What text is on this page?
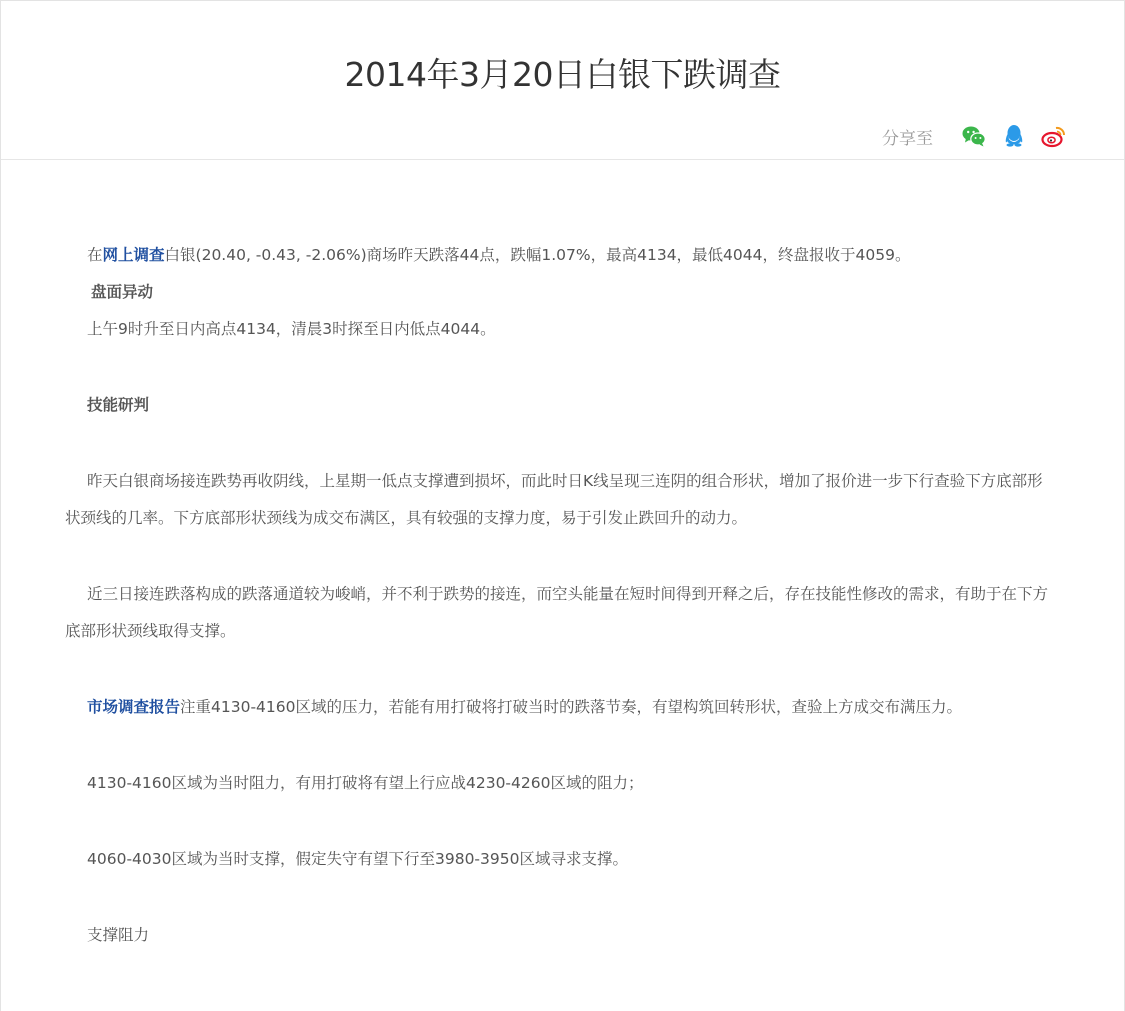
2014年3月20日白银下跌调查
分享至

在网上调查白银(20.40, -0.43, -2.06%)商场昨天跌落44点，跌幅1.07%，最高4134，最低4044，终盘报收于4059。

盘面异动

上午9时升至日内高点4134，清晨3时探至日内低点4044。

技能研判

昨天白银商场接连跌势再收阴线，上星期一低点支撑遭到损坏，而此时日K线呈现三连阴的组合形状，增加了报价进一步下行查验下方底部形状颈线的几率。下方底部形状颈线为成交布满区，具有较强的支撑力度，易于引发止跌回升的动力。

近三日接连跌落构成的跌落通道较为峻峭，并不利于跌势的接连，而空头能量在短时间得到开释之后，存在技能性修改的需求，有助于在下方底部形状颈线取得支撑。

市场调查报告注重4130-4160区域的压力，若能有用打破将打破当时的跌落节奏，有望构筑回转形状，查验上方成交布满压力。

4130-4160区域为当时阻力，有用打破将有望上行应战4230-4260区域的阻力；

4060-4030区域为当时支撑，假定失守有望下行至3980-3950区域寻求支撑。

支撑阻力
